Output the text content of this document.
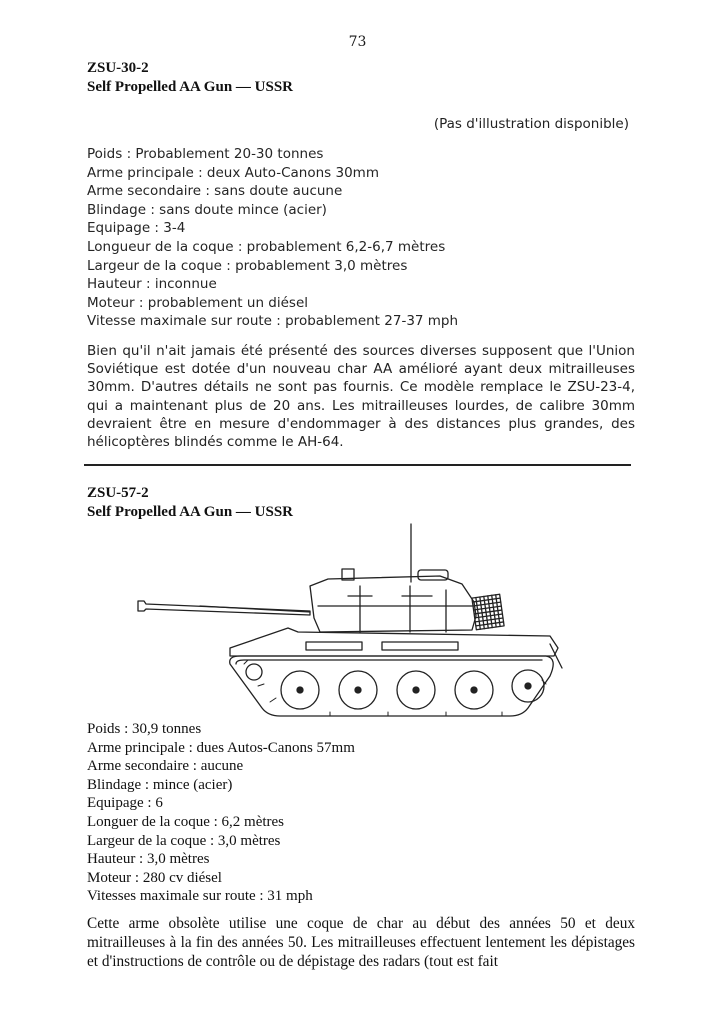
73
ZSU-30-2
Self Propelled AA Gun — USSR
(Pas d'illustration disponible)
Poids : Probablement 20-30 tonnes
Arme principale : deux Auto-Canons 30mm
Arme secondaire : sans doute aucune
Blindage : sans doute mince (acier)
Equipage : 3-4
Longueur de la coque : probablement 6,2-6,7 mètres
Largeur de la coque : probablement 3,0 mètres
Hauteur : inconnue
Moteur : probablement un diésel
Vitesse maximale sur route : probablement 27-37 mph

Bien qu'il n'ait jamais été présenté des sources diverses supposent que l'Union Soviétique est dotée d'un nouveau char AA amélioré ayant deux mitrailleuses 30mm. D'autres détails ne sont pas fournis. Ce modèle remplace le ZSU-23-4, qui a maintenant plus de 20 ans. Les mitrailleuses lourdes, de calibre 30mm devraient être en mesure d'endommager à des distances plus grandes, des hélicoptères blindés comme le AH-64.

ZSU-57-2
Self Propelled AA Gun — USSR
Poids : 30,9 tonnes
Arme principale : dues Autos-Canons 57mm
Arme secondaire : aucune
Blindage : mince (acier)
Equipage : 6
Longuer de la coque : 6,2 mètres
Largeur de la coque : 3,0 mètres
Hauteur : 3,0 mètres
Moteur : 280 cv diésel
Vitesses maximale sur route : 31 mph

Cette arme obsolète utilise une coque de char au début des années 50 et deux mitrailleuses à la fin des années 50. Les mitrailleuses effectuent lentement les dépistages et d'instructions de contrôle ou de dépistage des radars (tout est fait
